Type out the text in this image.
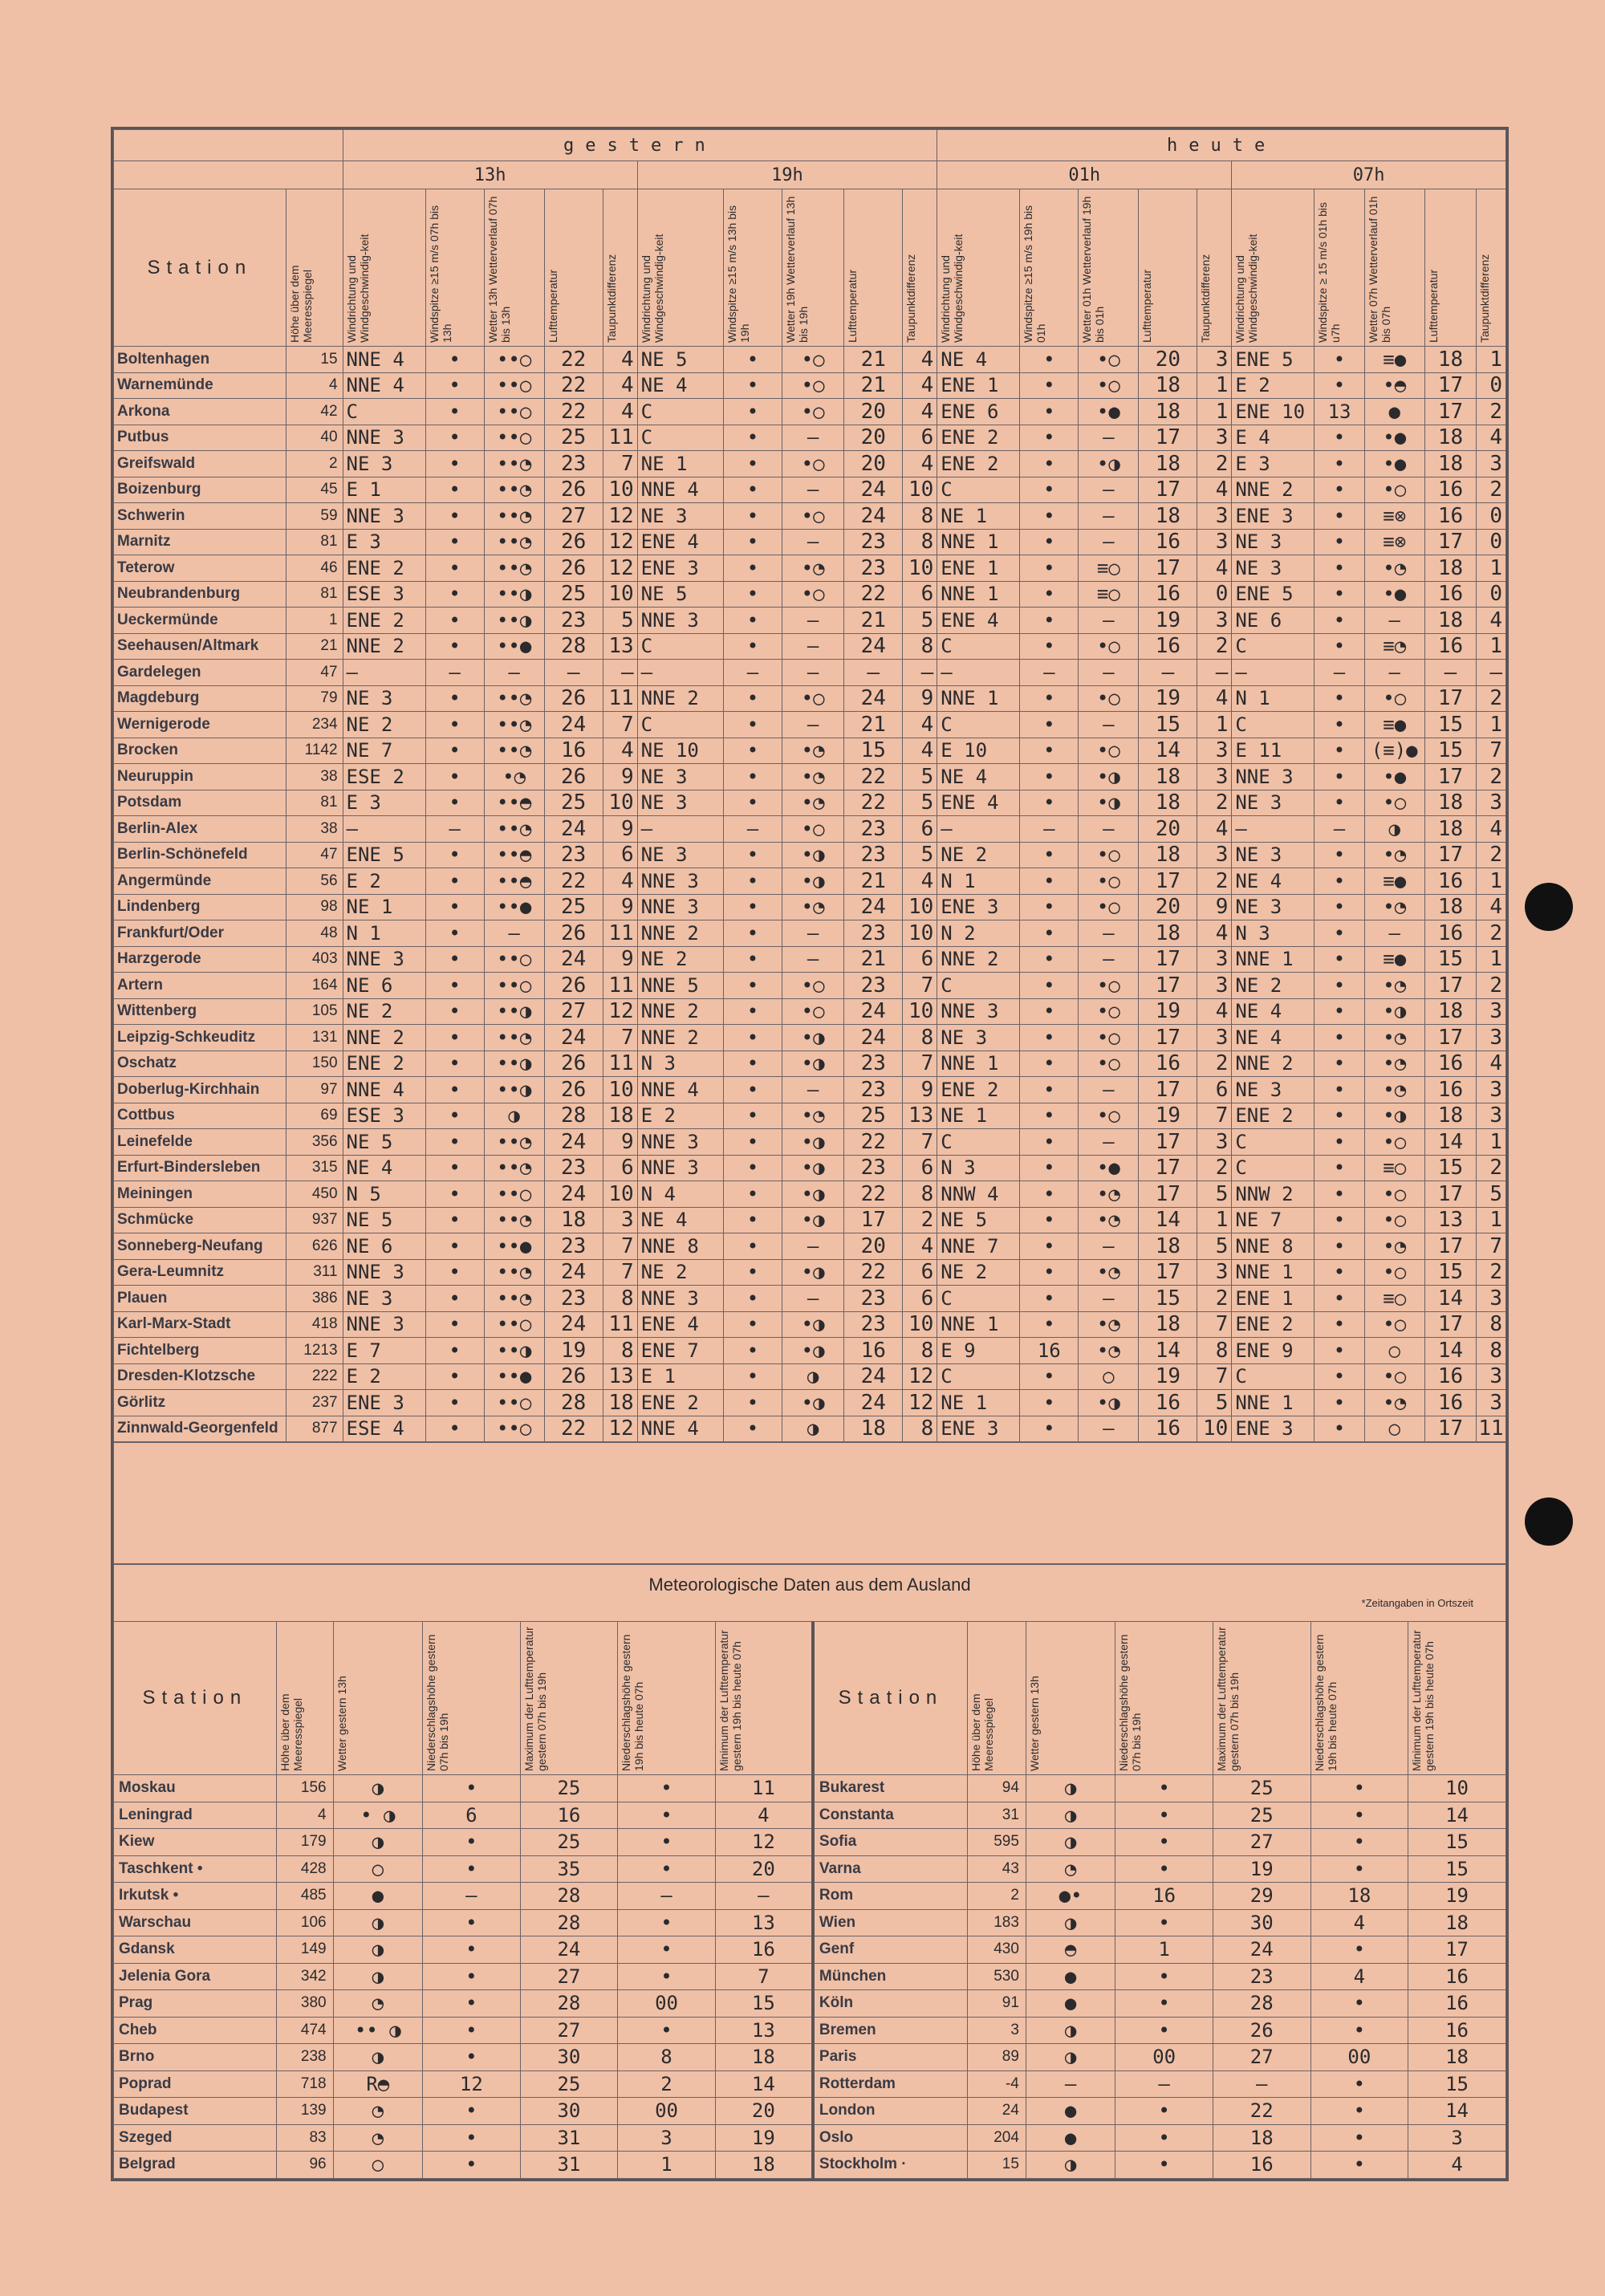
		gestern										heute									
		13h					19h					01h					07h				
Station	Höhe über dem Meeresspiegel	Windrichtung und Windgeschwindig-keit	Windspitze ≥15 m/s 07h bis 13h	Wetter 13h Wetterverlauf 07h bis 13h	Lufttemperatur	Taupunktdifferenz	Windrichtung und Windgeschwindig-keit	Windspitze ≥15 m/s 13h bis 19h	Wetter 19h Wetterverlauf 13h bis 19h	Lufttemperatur	Taupunktdifferenz	Windrichtung und Windgeschwindig-keit	Windspitze ≥15 m/s 19h bis 01h	Wetter 01h Wetterverlauf 19h bis 01h	Lufttemperatur	Taupunktdifferenz	Windrichtung und Windgeschwindig-keit	Windspitze ≥ 15 m/s 01h bis u7h	Wetter 07h Wetterverlauf 01h bis 07h	Lufttemperatur	Taupunktdifferenz

Boltenhagen	15	NNE 4	•	••○	22	4	NE 5	•	•○	21	4	NE 4	•	•○	20	3	ENE 5	•	≡●	18	1
Warnemünde	4	NNE 4	•	••○	22	4	NE 4	•	•○	21	4	ENE 1	•	•○	18	1	E 2	•	•◓	17	0
Arkona	42	C	•	••○	22	4	C	•	•○	20	4	ENE 6	•	•●	18	1	ENE 10	13	●	17	2
Putbus	40	NNE 3	•	••○	25	11	C	•	–	20	6	ENE 2	•	–	17	3	E 4	•	•●	18	4
Greifswald	2	NE 3	•	••◔	23	7	NE 1	•	•○	20	4	ENE 2	•	•◑	18	2	E 3	•	•●	18	3
Boizenburg	45	E 1	•	••◔	26	10	NNE 4	•	–	24	10	C	•	–	17	4	NNE 2	•	•○	16	2
Schwerin	59	NNE 3	•	••◔	27	12	NE 3	•	•○	24	8	NE 1	•	–	18	3	ENE 3	•	≡⊗	16	0
Marnitz	81	E 3	•	••◔	26	12	ENE 4	•	–	23	8	NNE 1	•	–	16	3	NE 3	•	≡⊗	17	0
Teterow	46	ENE 2	•	••◔	26	12	ENE 3	•	•◔	23	10	ENE 1	•	≡○	17	4	NE 3	•	•◔	18	1
Neubrandenburg	81	ESE 3	•	••◑	25	10	NE 5	•	•○	22	6	NNE 1	•	≡○	16	0	ENE 5	•	•●	16	0
Ueckermünde	1	ENE 2	•	••◑	23	5	NNE 3	•	–	21	5	ENE 4	•	–	19	3	NE 6	•	–	18	4
Seehausen/Altmark	21	NNE 2	•	••●	28	13	C	•	–	24	8	C	•	•○	16	2	C	•	≡◔	16	1
Gardelegen	47	–	–	–	–	–	–	–	–	–	–	–	–	–	–	–	–	–	–	–	–
Magdeburg	79	NE 3	•	••◔	26	11	NNE 2	•	•○	24	9	NNE 1	•	•○	19	4	N 1	•	•○	17	2
Wernigerode	234	NE 2	•	••◔	24	7	C	•	–	21	4	C	•	–	15	1	C	•	≡●	15	1
Brocken	1142	NE 7	•	••◔	16	4	NE 10	•	•◔	15	4	E 10	•	•○	14	3	E 11	•	(≡)●	15	7
Neuruppin	38	ESE 2	•	•◔	26	9	NE 3	•	•◔	22	5	NE 4	•	•◑	18	3	NNE 3	•	•●	17	2
Potsdam	81	E 3	•	••◓	25	10	NE 3	•	•◔	22	5	ENE 4	•	•◑	18	2	NE 3	•	•○	18	3
Berlin-Alex	38	–	–	••◔	24	9	–	–	•○	23	6	–	–	–	20	4	–	–	◑	18	4
Berlin-Schönefeld	47	ENE 5	•	••◓	23	6	NE 3	•	•◑	23	5	NE 2	•	•○	18	3	NE 3	•	•◔	17	2
Angermünde	56	E 2	•	••◓	22	4	NNE 3	•	•◑	21	4	N 1	•	•○	17	2	NE 4	•	≡●	16	1
Lindenberg	98	NE 1	•	••●	25	9	NNE 3	•	•◔	24	10	ENE 3	•	•○	20	9	NE 3	•	•◔	18	4
Frankfurt/Oder	48	N 1	•	–	26	11	NNE 2	•	–	23	10	N 2	•	–	18	4	N 3	•	–	16	2
Harzgerode	403	NNE 3	•	••○	24	9	NE 2	•	–	21	6	NNE 2	•	–	17	3	NNE 1	•	≡●	15	1
Artern	164	NE 6	•	••○	26	11	NNE 5	•	•○	23	7	C	•	•○	17	3	NE 2	•	•◔	17	2
Wittenberg	105	NE 2	•	••◑	27	12	NNE 2	•	•○	24	10	NNE 3	•	•○	19	4	NE 4	•	•◑	18	3
Leipzig-Schkeuditz	131	NNE 2	•	••◔	24	7	NNE 2	•	•◑	24	8	NE 3	•	•○	17	3	NE 4	•	•◔	17	3
Oschatz	150	ENE 2	•	••◑	26	11	N 3	•	•◑	23	7	NNE 1	•	•○	16	2	NNE 2	•	•◔	16	4
Doberlug-Kirchhain	97	NNE 4	•	••◑	26	10	NNE 4	•	–	23	9	ENE 2	•	–	17	6	NE 3	•	•◔	16	3
Cottbus	69	ESE 3	•	◑	28	18	E 2	•	•◔	25	13	NE 1	•	•○	19	7	ENE 2	•	•◑	18	3
Leinefelde	356	NE 5	•	••◔	24	9	NNE 3	•	•◑	22	7	C	•	–	17	3	C	•	•○	14	1
Erfurt-Bindersleben	315	NE 4	•	••◔	23	6	NNE 3	•	•◑	23	6	N 3	•	•●	17	2	C	•	≡○	15	2
Meiningen	450	N 5	•	••○	24	10	N 4	•	•◑	22	8	NNW 4	•	•◔	17	5	NNW 2	•	•○	17	5
Schmücke	937	NE 5	•	••◔	18	3	NE 4	•	•◑	17	2	NE 5	•	•◔	14	1	NE 7	•	•○	13	1
Sonneberg-Neufang	626	NE 6	•	••●	23	7	NNE 8	•	–	20	4	NNE 7	•	–	18	5	NNE 8	•	•◔	17	7
Gera-Leumnitz	311	NNE 3	•	••◔	24	7	NE 2	•	•◑	22	6	NE 2	•	•◔	17	3	NNE 1	•	•○	15	2
Plauen	386	NE 3	•	••◔	23	8	NNE 3	•	–	23	6	C	•	–	15	2	ENE 1	•	≡○	14	3
Karl-Marx-Stadt	418	NNE 3	•	••○	24	11	ENE 4	•	•◑	23	10	NNE 1	•	•◔	18	7	ENE 2	•	•○	17	8
Fichtelberg	1213	E 7	•	••◑	19	8	ENE 7	•	•◑	16	8	E 9	16	•◔	14	8	ENE 9	•	○	14	8
Dresden-Klotzsche	222	E 2	•	••●	26	13	E 1	•	◑	24	12	C	•	○	19	7	C	•	•○	16	3
Görlitz	237	ENE 3	•	••○	28	18	ENE 2	•	•◑	24	12	NE 1	•	•◑	16	5	NNE 1	•	•◔	16	3
Zinnwald-Georgenfeld	877	ESE 4	•	••○	22	12	NNE 4	•	◑	18	8	ENE 3	•	–	16	10	ENE 3	•	○	17	11
Meteorologische Daten aus dem Ausland
*Zeitangaben in Ortszeit													

Station	Höhe über dem Meeresspiegel	Wetter gestern 13h	Niederschlagshöhe gestern 07h bis 19h	Maximum der Lufttemperatur gestern 07h bis 19h	Niederschlagshöhe gestern 19h bis heute 07h	Minimum der Lufttemperatur gestern 19h bis heute 07h	Station	Höhe über dem Meeresspiegel	Wetter gestern 13h	Niederschlagshöhe gestern 07h bis 19h	Maximum der Lufttemperatur gestern 07h bis 19h	Niederschlagshöhe gestern 19h bis heute 07h	Minimum der Lufttemperatur gestern 19h bis heute 07h

Moskau	156	◑	•	25	•	11	Bukarest	94	◑	•	25	•	10
Leningrad	4	• ◑	6	16	•	4	Constanta	31	◑	•	25	•	14
Kiew	179	◑	•	25	•	12	Sofia	595	◑	•	27	•	15
Taschkent •	428	○	•	35	•	20	Varna	43	◔	•	19	•	15
Irkutsk •	485	●	–	28	–	–	Rom	2	●•	16	29	18	19
Warschau	106	◑	•	28	•	13	Wien	183	◑	•	30	4	18
Gdansk	149	◑	•	24	•	16	Genf	430	◓	1	24	•	17
Jelenia Gora	342	◑	•	27	•	7	München	530	●	•	23	4	16
Prag	380	◔	•	28	00	15	Köln	91	●	•	28	•	16
Cheb	474	•• ◑	•	27	•	13	Bremen	3	◑	•	26	•	16
Brno	238	◑	•	30	8	18	Paris	89	◑	00	27	00	18
Poprad	718	R◓	12	25	2	14	Rotterdam	-4	–	–	–	•	15
Budapest	139	◔	•	30	00	20	London	24	●	•	22	•	14
Szeged	83	◔	•	31	3	19	Oslo	204	●	•	18	•	3
Belgrad	96	○	•	31	1	18	Stockholm ·	15	◑	•	16	•	4
